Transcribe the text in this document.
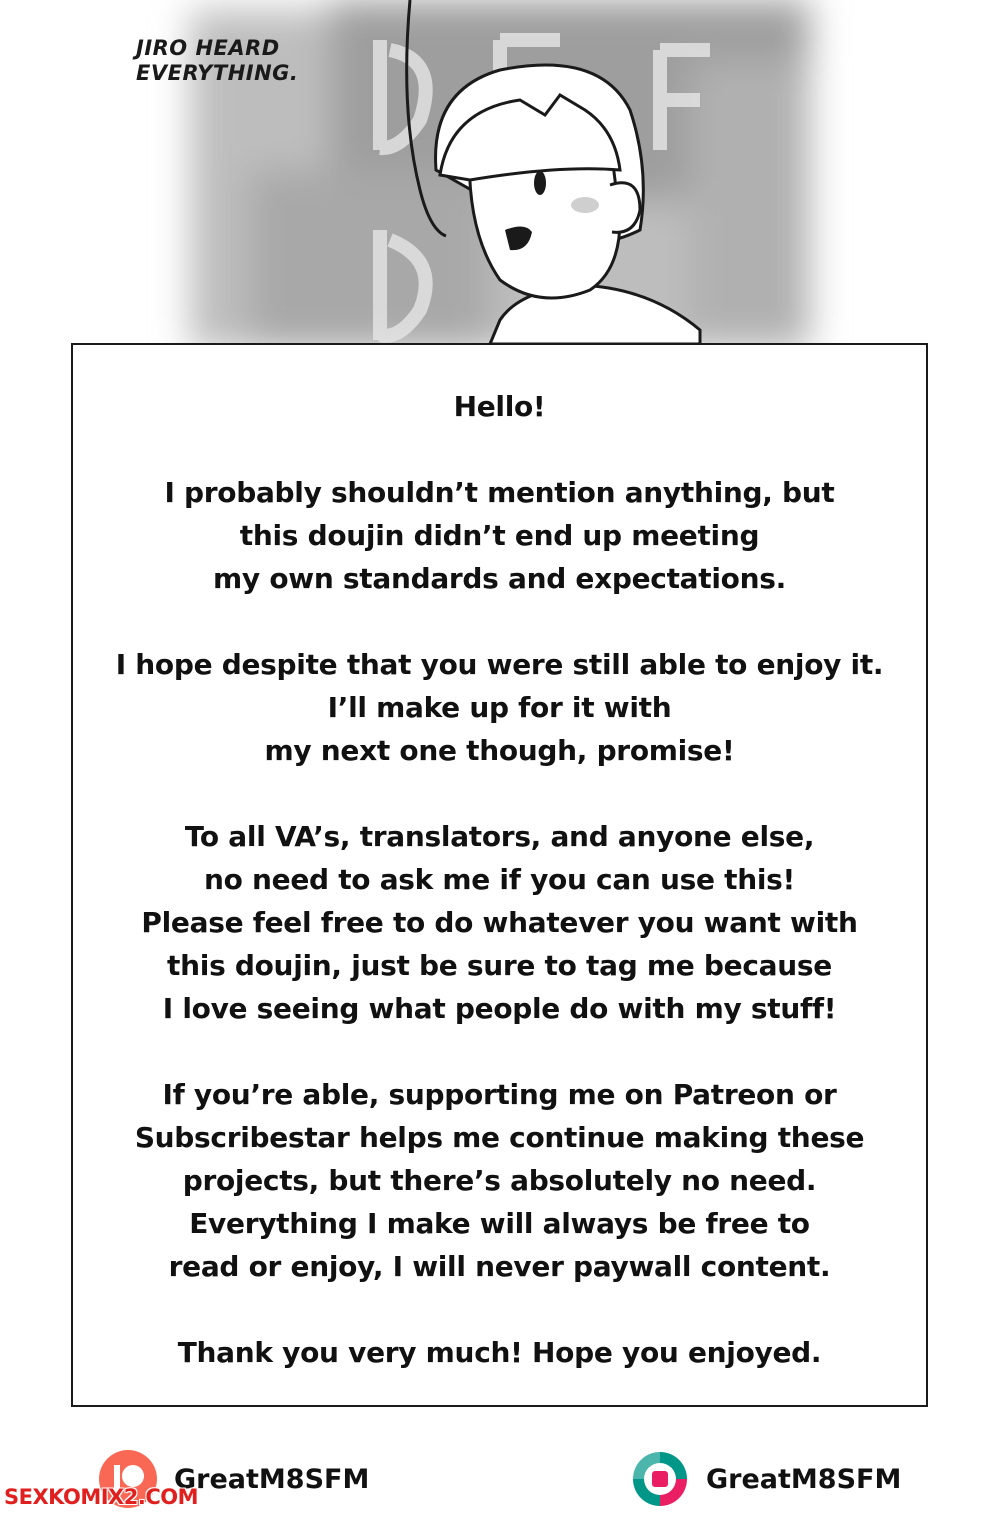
JIRO HEARD
EVERYTHING.

Hello!

I probably shouldn’t mention anything, but
this doujin didn’t end up meeting
my own standards and expectations.

I hope despite that you were still able to enjoy it.
I’ll make up for it with
my next one though, promise!

To all VA’s, translators, and anyone else,
no need to ask me if you can use this!
Please feel free to do whatever you want with
this doujin, just be sure to tag me because
I love seeing what people do with my stuff!

If you’re able, supporting me on Patreon or
Subscribestar helps me continue making these
projects, but there’s absolutely no need.
Everything I make will always be free to
read or enjoy, I will never paywall content.

Thank you very much! Hope you enjoyed.

GreatM8SFM	GreatM8SFM
SEXKOMIX2.COM
